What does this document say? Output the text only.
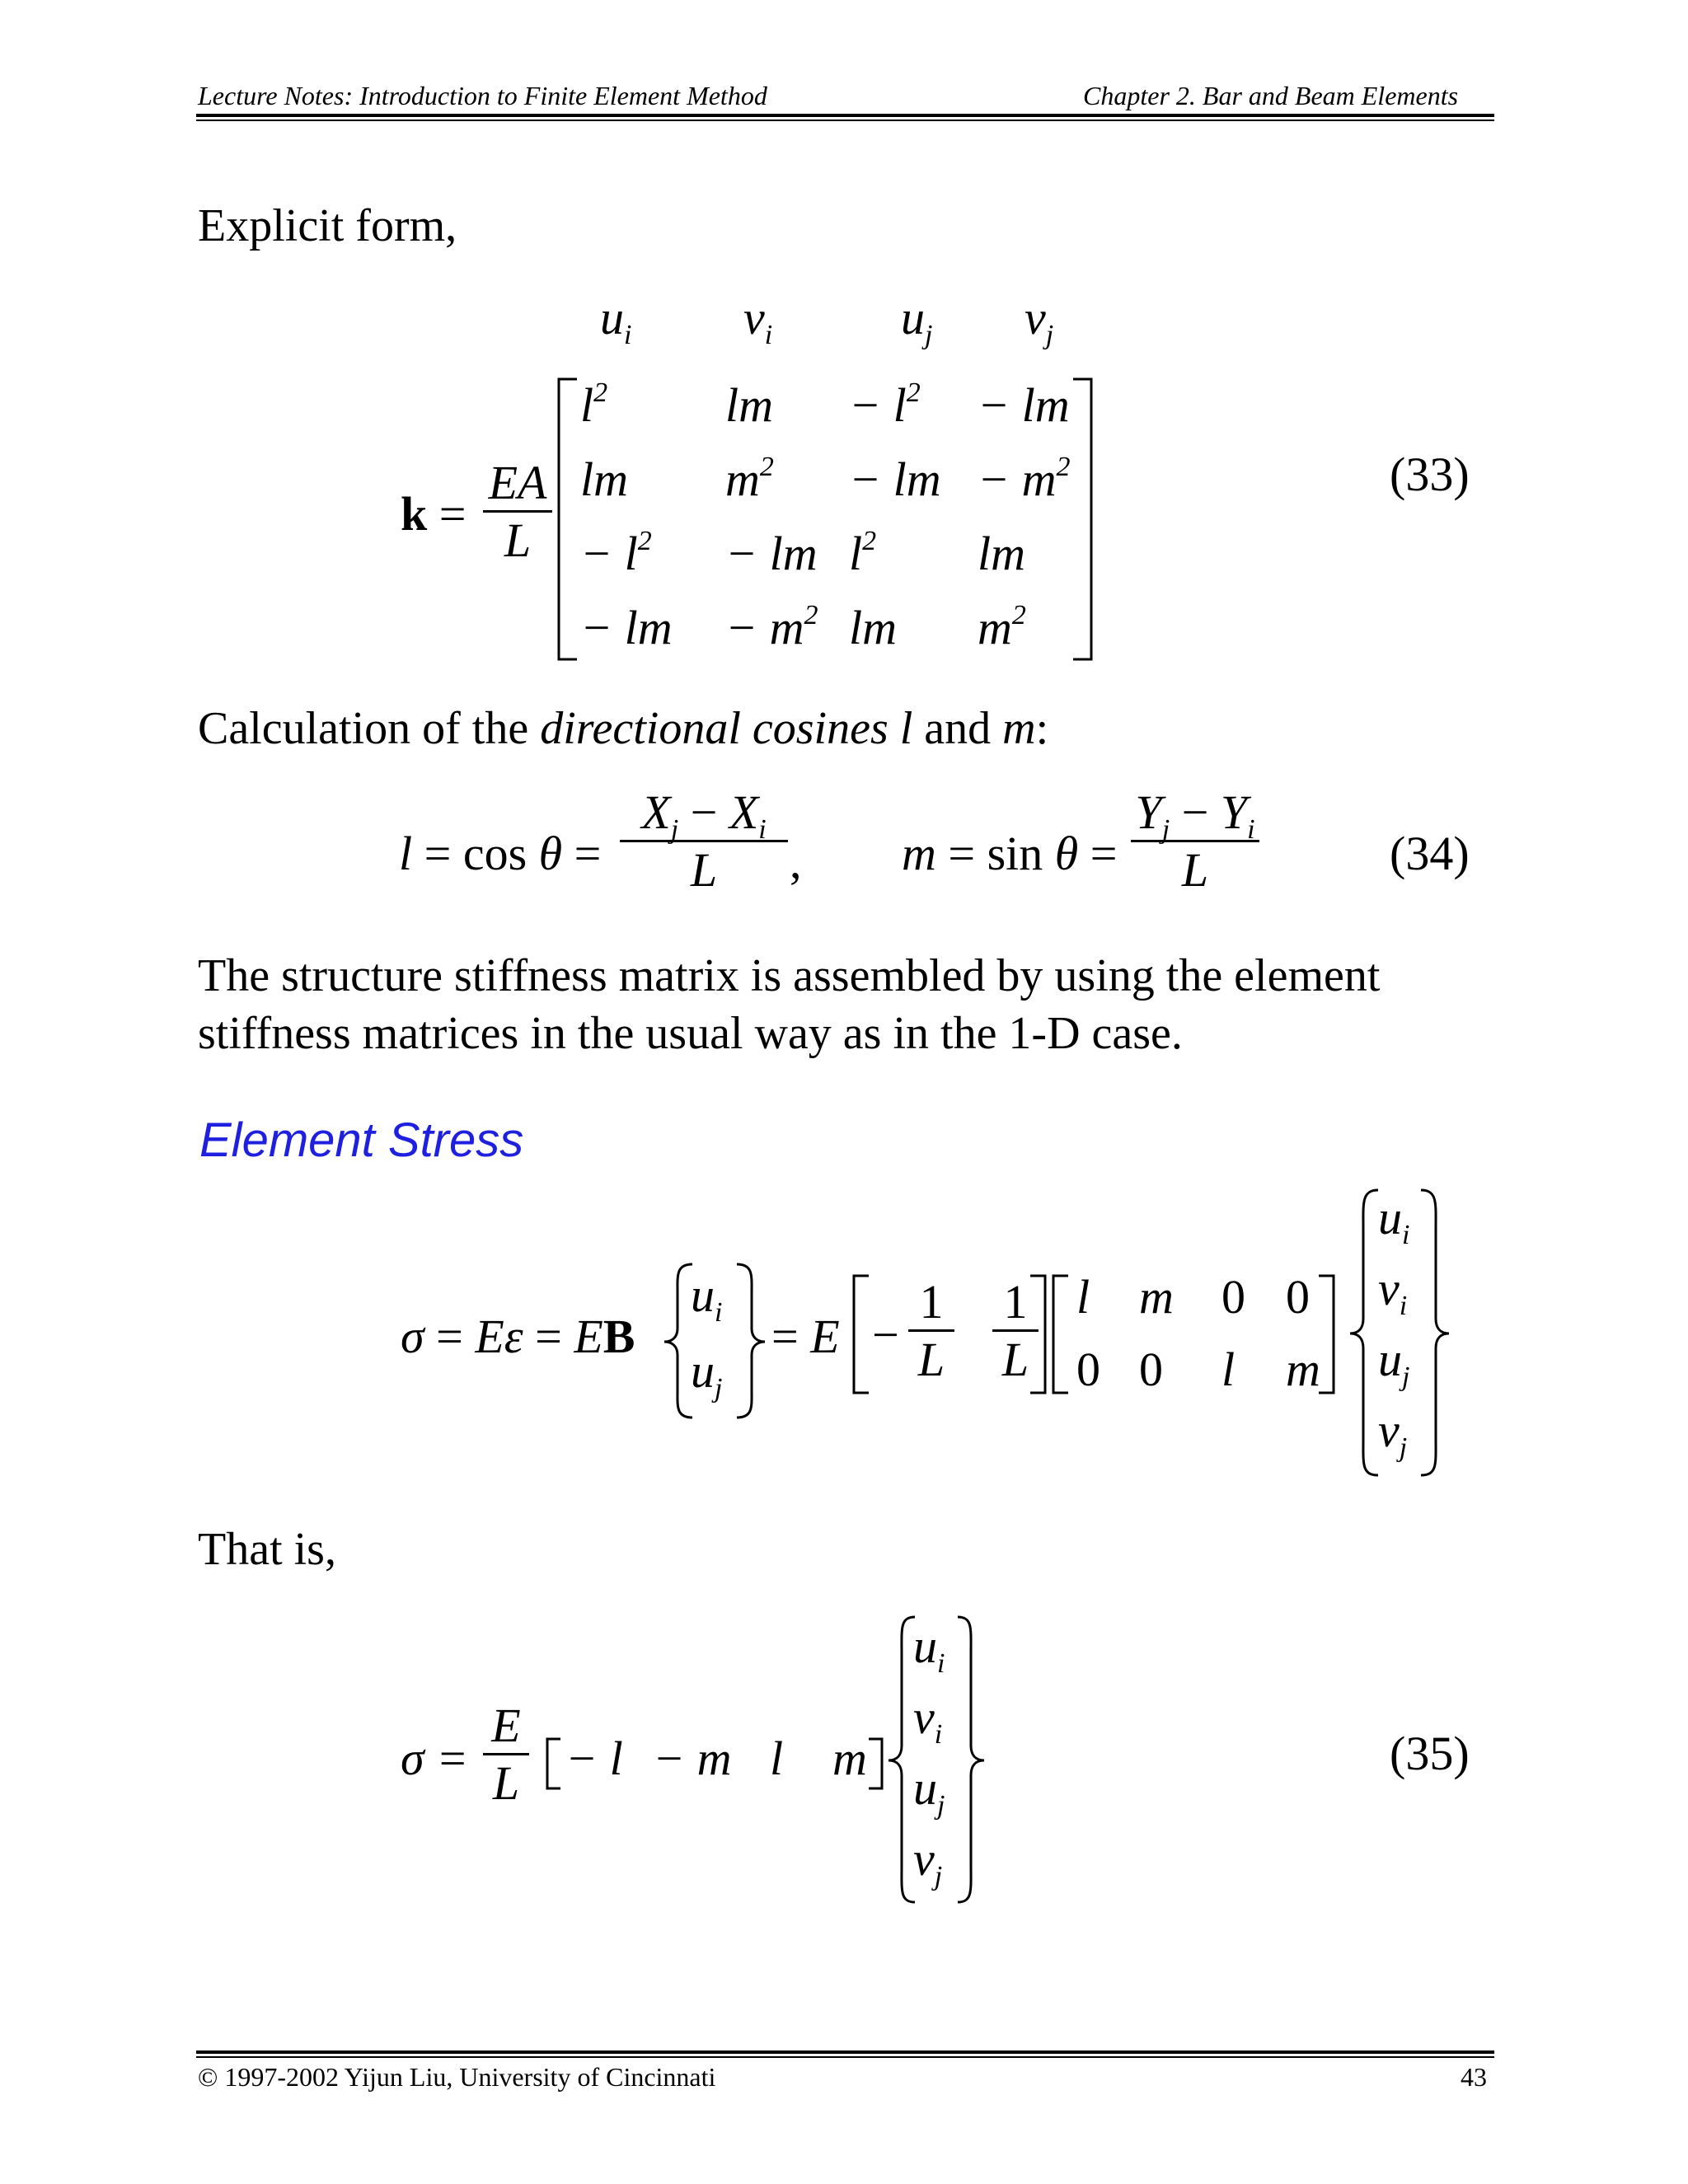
Lecture Notes: Introduction to Finite Element Method	Chapter 2. Bar and Beam Elements
Explicit form,
$u_i$ $v_i$	$u_j$ $v_j$
k =
EA
L
$l^2$ lm − $l^2$ − lm
lm $m^2$ − lm − $m^2$
− $l^2$ − lm $l^2$ lm
− lm − $m^2$ lm $m^2$
(33)
Calculation of the directional cosines l and m:
l = cos θ =
$X_j - X_i$
L	, m = sin θ =
$Y_j - Y_i$
L	(34)
The structure stiffness matrix is assembled by using the element
stiffness matrices in the usual way as in the 1-D case.
Element Stress
σ = Eε = EB
$u_i$
$u_j$
= E −
1
L
1
L
l m 0 0
0 0 l m
$u_i$
$v_i$
$u_j$
$v_j$
That is,
σ =
E
L − l − m l m
$u_i$
$v_i$
$u_j$
$v_j$
(35)
© 1997-2002 Yijun Liu, University of Cincinnati	43
